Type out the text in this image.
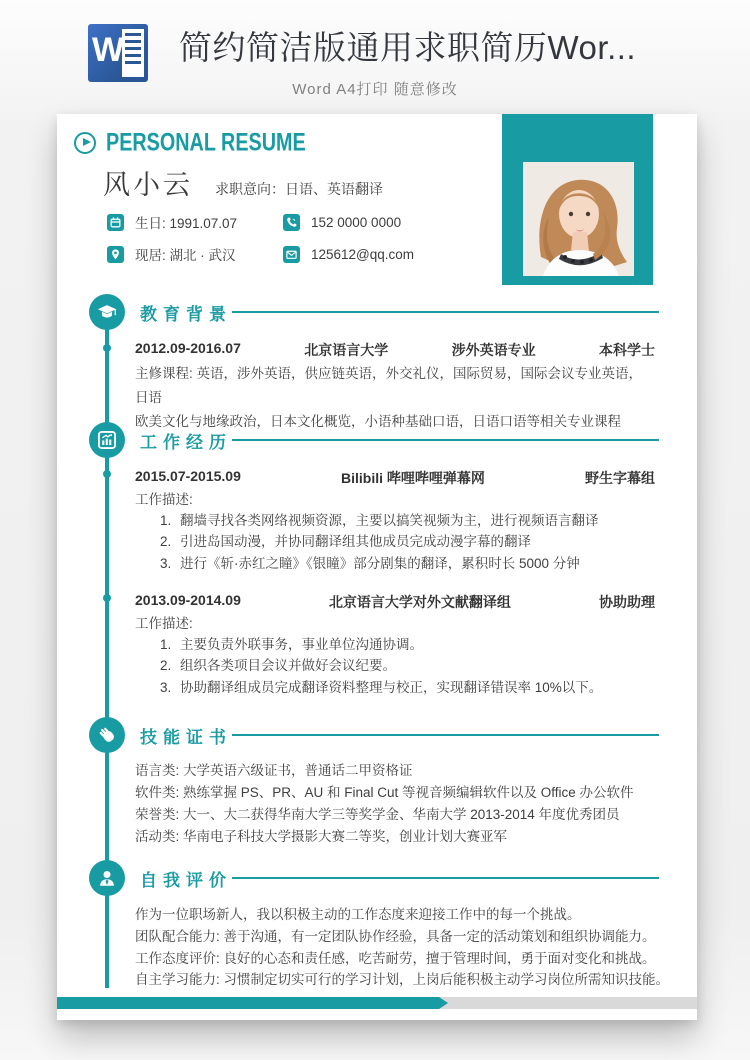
W 简约简洁版通用求职简历Wor...
Word A4打印 随意修改
PERSONAL RESUME
风小云 求职意向：日语、英语翻译
生日: 1991.07.07	152 0000 0000
现居: 湖北 · 武汉	125612@qq.com
教育背景
2012.09-2016.07	北京语言大学	涉外英语专业	本科学士
主修课程: 英语，涉外英语，供应链英语，外交礼仪，国际贸易，国际会议专业英语，日语
欧美文化与地缘政治，日本文化概览，小语种基础口语，日语口语等相关专业课程
工作经历
2015.07-2015.09	Bilibili 哔哩哔哩弹幕网	野生字幕组
工作描述:
1. 翻墙寻找各类网络视频资源，主要以搞笑视频为主，进行视频语言翻译
2. 引进岛国动漫，并协同翻译组其他成员完成动漫字幕的翻译
3. 进行《斩·赤红之瞳》《银瞳》部分剧集的翻译，累积时长 5000 分钟
2013.09-2014.09	北京语言大学对外文献翻译组	协助助理
工作描述:
1. 主要负责外联事务，事业单位沟通协调。
2. 组织各类项目会议并做好会议纪要。
3. 协助翻译组成员完成翻译资料整理与校正，实现翻译错误率 10%以下。
技能证书
语言类: 大学英语六级证书，普通话二甲资格证
软件类: 熟练掌握 PS、PR、AU 和 Final Cut 等视音频编辑软件以及 Office 办公软件
荣誉类: 大一、大二获得华南大学三等奖学金、华南大学 2013-2014 年度优秀团员
活动类: 华南电子科技大学摄影大赛二等奖，创业计划大赛亚军
自我评价
作为一位职场新人，我以积极主动的工作态度来迎接工作中的每一个挑战。
团队配合能力: 善于沟通，有一定团队协作经验，具备一定的活动策划和组织协调能力。
工作态度评价: 良好的心态和责任感，吃苦耐劳，擅于管理时间，勇于面对变化和挑战。
自主学习能力: 习惯制定切实可行的学习计划，上岗后能积极主动学习岗位所需知识技能。
